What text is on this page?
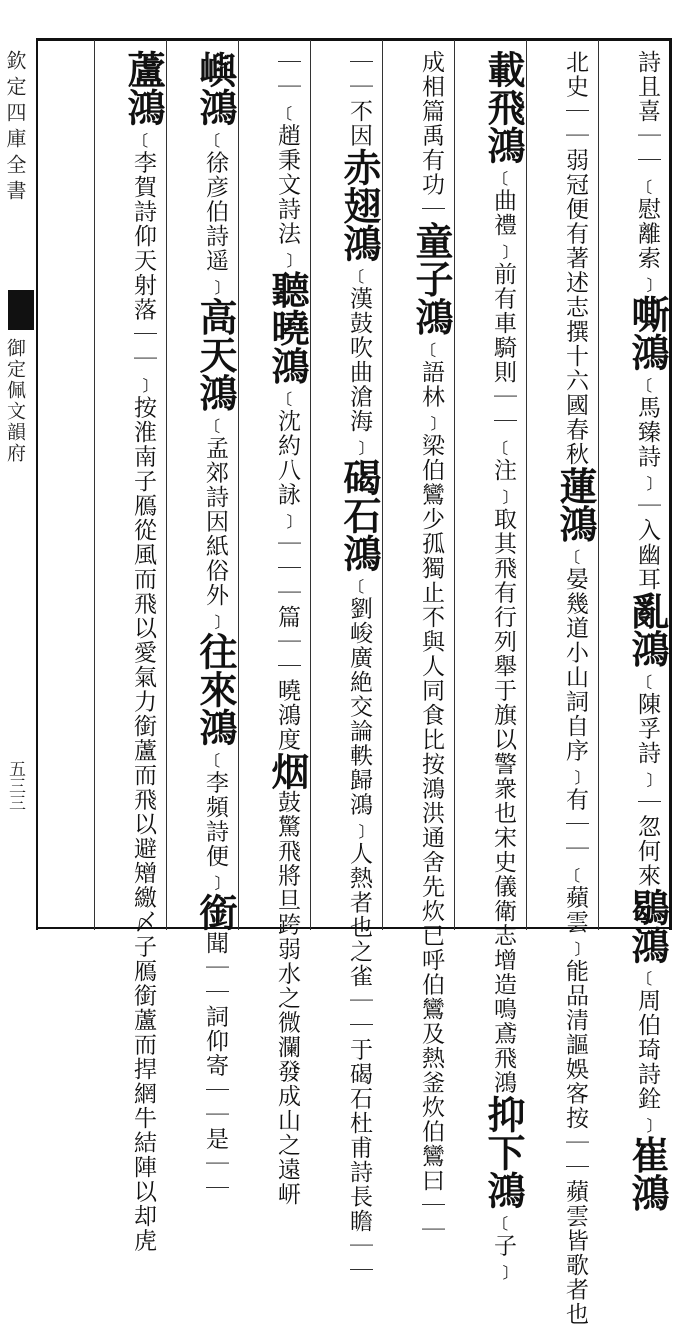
欽定四庫全書
御定佩文韻府
五三三
詩且喜｜｜﹝慰離索﹞嘶鴻﹝馬臻詩﹞｜入幽耳亂鴻﹝陳孚詩﹞｜忽何來鶡鴻﹝周伯琦詩銓﹞崔鴻
北史｜｜弱冠便有著述志撰十六國春秋蓮鴻﹝晏幾道小山詞自序﹞有｜｜﹝蘋雲﹞能品清謳娛客按｜｜蘋雲皆歌者也
載飛鴻﹝曲禮﹞前有車騎則｜｜﹝注﹞取其飛有行列舉于旗以警衆也宋史儀衛志增造鳴鳶飛鴻抑下鴻﹝子﹞
成相篇禹有功｜童子鴻﹝語林﹞梁伯鸞少孤獨止不與人同食比按鴻洪通舍先炊已呼伯鸞及熱釜炊伯鸞曰｜｜
｜｜不因赤翅鴻﹝漢鼓吹曲滄海﹞碣石鴻﹝劉峻廣絶交論軼歸鴻﹞人熱者也之雀｜｜于碣石杜甫詩長瞻｜｜
｜｜﹝趙秉文詩法﹞聽曉鴻﹝沈約八詠﹞｜｜｜篇｜｜曉鴻度烟鼓驚飛將旦跨弱水之微瀾發成山之遠岍
嶼鴻﹝徐彦伯詩遥﹞高天鴻﹝孟郊詩因紙俗外﹞往來鴻﹝李頻詩便﹞銜聞｜｜詞仰寄｜｜是｜｜
蘆鴻﹝李賀詩仰天射落｜｜﹞按淮南子鴈從風而飛以愛氣力銜蘆而飛以避矰繳〆子鴈銜蘆而捍網牛結陣以却虎
